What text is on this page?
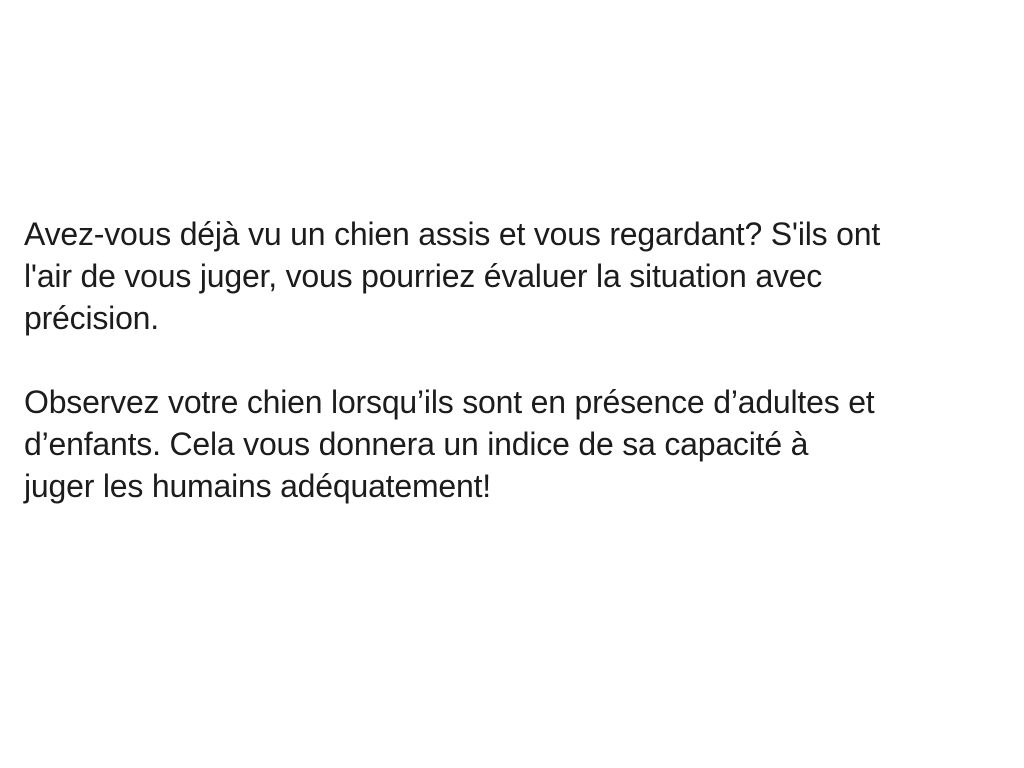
Avez-vous déjà vu un chien assis et vous regardant? S'ils ont
l'air de vous juger, vous pourriez évaluer la situation avec
précision.

Observez votre chien lorsqu’ils sont en présence d’adultes et
d’enfants. Cela vous donnera un indice de sa capacité à
juger les humains adéquatement!
